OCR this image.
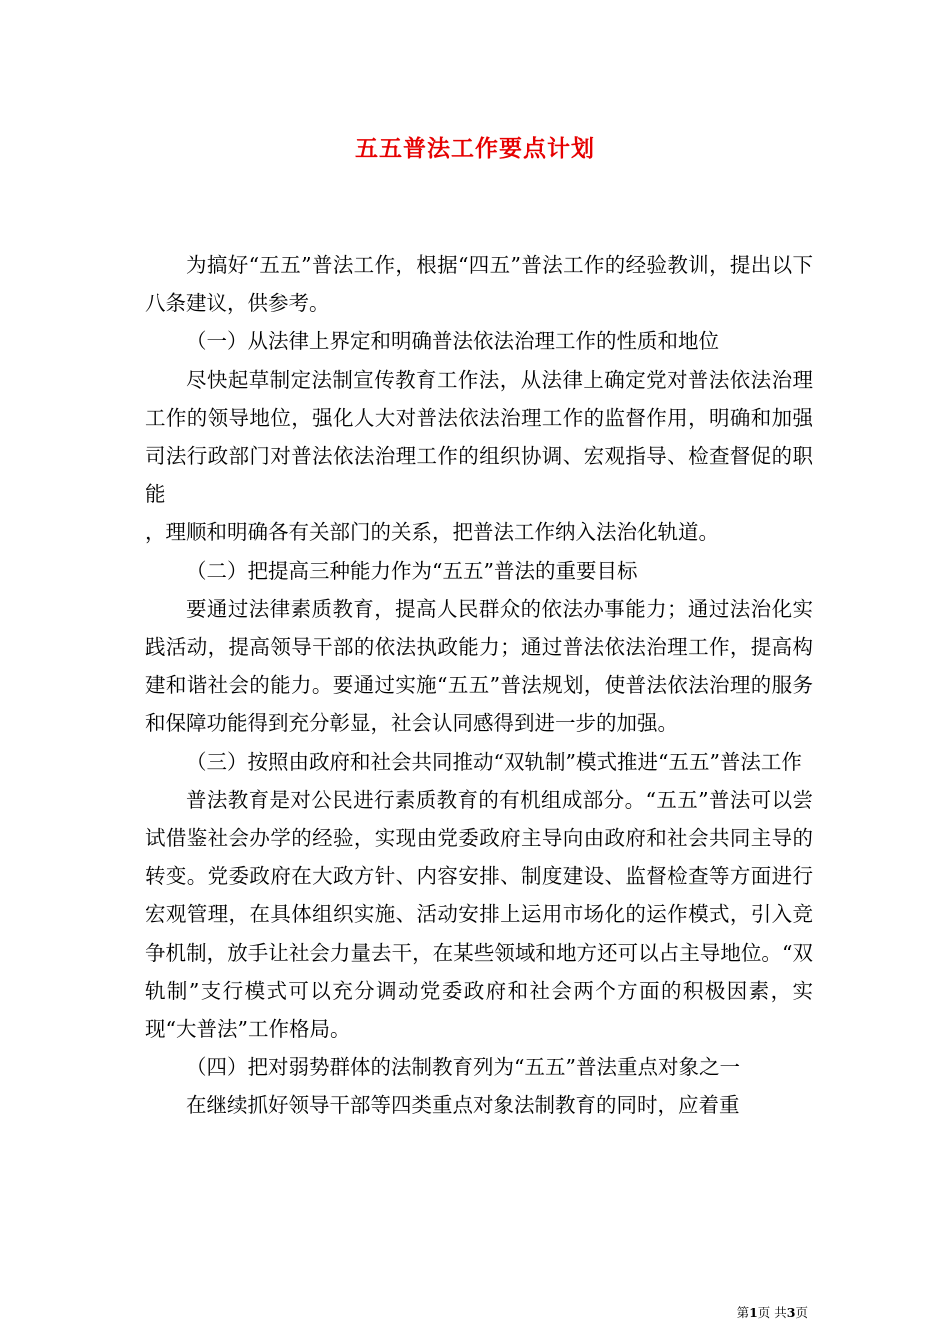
五五普法工作要点计划

为搞好“五五”普法工作，根据“四五”普法工作的经验教训，提出以下八条建议，供参考。

（一）从法律上界定和明确普法依法治理工作的性质和地位

尽快起草制定法制宣传教育工作法，从法律上确定党对普法依法治理工作的领导地位，强化人大对普法依法治理工作的监督作用，明确和加强司法行政部门对普法依法治理工作的组织协调、宏观指导、检查督促的职能

，理顺和明确各有关部门的关系，把普法工作纳入法治化轨道。

（二）把提高三种能力作为“五五”普法的重要目标

要通过法律素质教育，提高人民群众的依法办事能力；通过法治化实践活动，提高领导干部的依法执政能力；通过普法依法治理工作，提高构建和谐社会的能力。要通过实施“五五”普法规划，使普法依法治理的服务和保障功能得到充分彰显，社会认同感得到进一步的加强。

（三）按照由政府和社会共同推动“双轨制”模式推进“五五”普法工作

普法教育是对公民进行素质教育的有机组成部分。“五五”普法可以尝试借鉴社会办学的经验，实现由党委政府主导向由政府和社会共同主导的转变。党委政府在大政方针、内容安排、制度建设、监督检查等方面进行宏观管理，在具体组织实施、活动安排上运用市场化的运作模式，引入竞争机制，放手让社会力量去干，在某些领域和地方还可以占主导地位。“双轨制”支行模式可以充分调动党委政府和社会两个方面的积极因素，实现“大普法”工作格局。

（四）把对弱势群体的法制教育列为“五五”普法重点对象之一

在继续抓好领导干部等四类重点对象法制教育的同时，应着重

第1页 共3页
